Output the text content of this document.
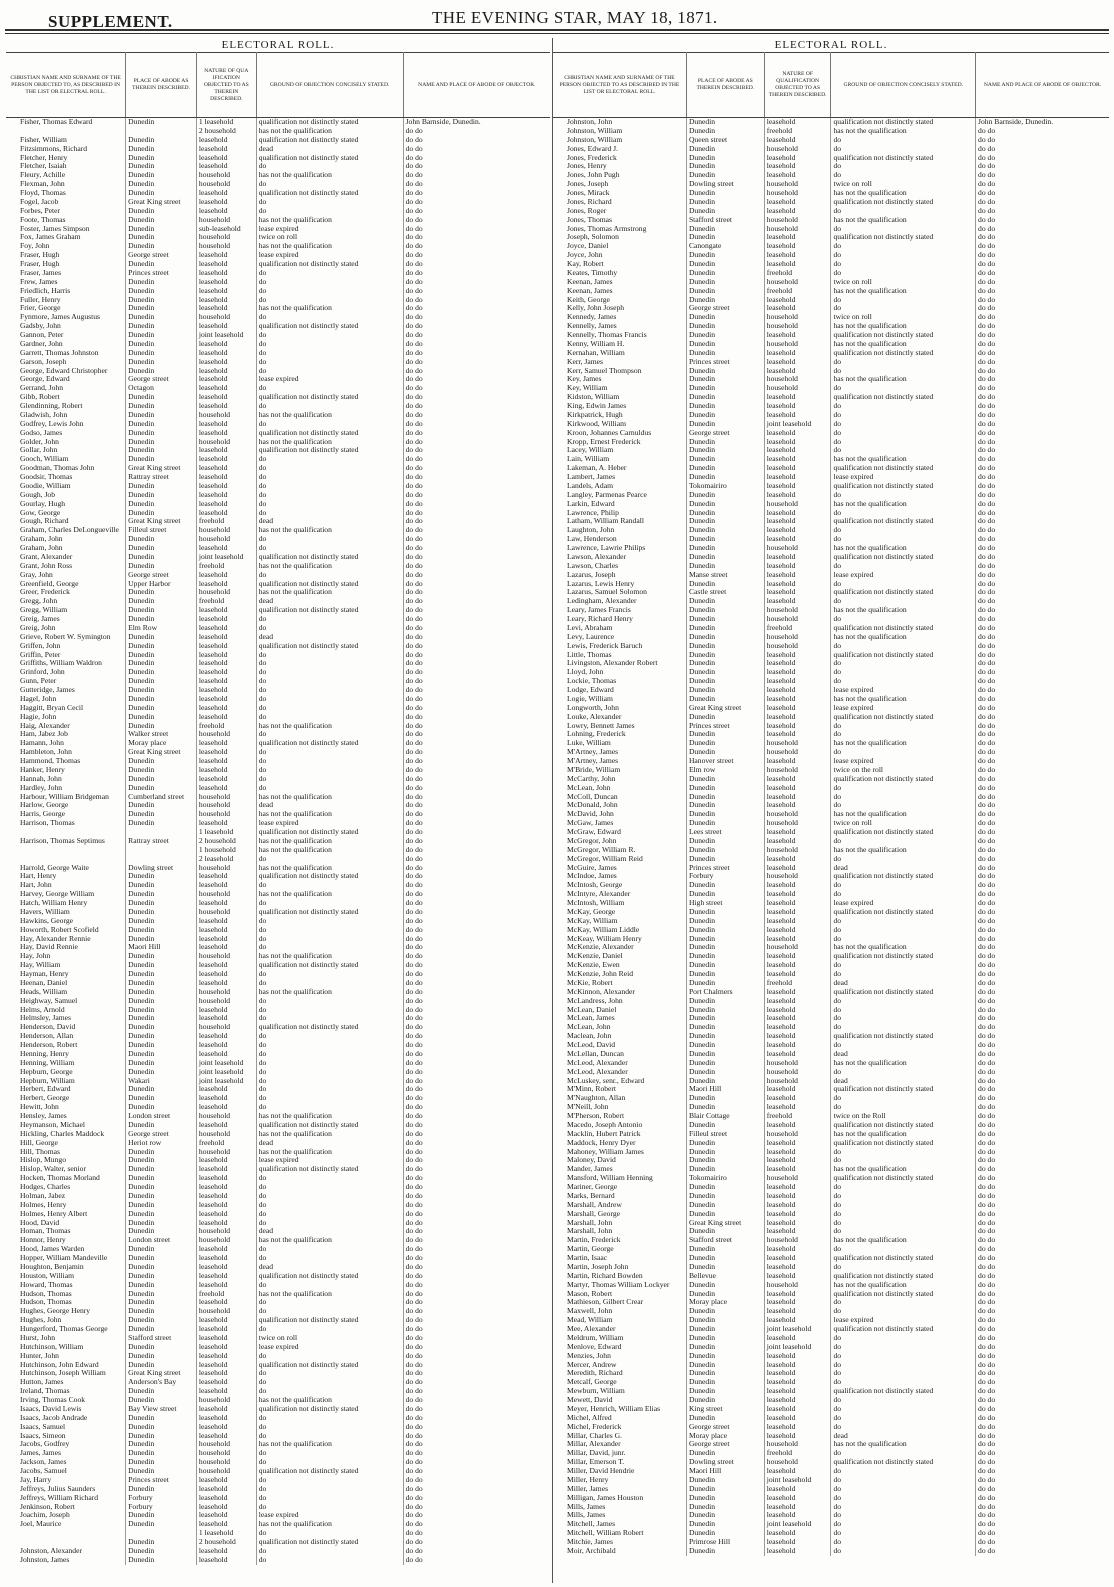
SUPPLEMENT.	THE EVENING STAR, MAY 18, 1871.
ELECTORAL ROLL.
CHRISTIAN NAME AND SURNAME OF THE PERSON OBJECTED TO, AS DESCRIBED IN THE LIST OR ELECTRAL ROLL.	PLACE OF ABODE AS THEREIN DESCRIBED.	NATURE OF QUA IFICATION OBJECTED TO AS THEREIN DESCRIBED.	GROUND OF OBJECTION CONCISELY STATED.	NAME AND PLACE OF ABODE OF OBJECTOR.
Fisher, Thomas Edward	Dunedin	1 leasehold	qualification not distinctly stated	John Barnside, Dunedin.
		2 household	has not the qualification	do do
Fisher, William	Dunedin	leasehold	qualification not distinctly stated	do do
Fitzsimmons, Richard	Dunedin	leasehold	dead	do do
Fletcher, Henry	Dunedin	leasehold	qualification not distinctly stated	do do
Fletcher, Isaiah	Dunedin	leasehold	do	do do
Fleury, Achille	Dunedin	household	has not the qualification	do do
Flexman, John	Dunedin	household	do	do do
Floyd, Thomas	Dunedin	leasehold	qualification not distinctly stated	do do
Fogel, Jacob	Great King street	leasehold	do	do do
Forbes, Peter	Dunedin	leasehold	do	do do
Foote, Thomas	Dunedin	household	has not the qualification	do do
Foster, James Simpson	Dunedin	sub-leasehold	lease expired	do do
Fox, James Graham	Dunedin	household	twice on roll	do do
Foy, John	Dunedin	household	has not the qualification	do do
Fraser, Hugh	George street	leasehold	lease expired	do do
Fraser, Hugh	Dunedin	leasehold	qualification not distinctly stated	do do
Fraser, James	Princes street	leasehold	do	do do
Frew, James	Dunedin	leasehold	do	do do
Friedlich, Harris	Dunedin	leasehold	do	do do
Fuller, Henry	Dunedin	leasehold	do	do do
Frier, George	Dunedin	leasehold	has not the qualification	do do
Fynmore, James Augustus	Dunedin	household	do	do do
Gadsby, John	Dunedin	leasehold	qualification not distinctly stated	do do
Gannon, Peter	Dunedin	joint leasehold	do	do do
Gardner, John	Dunedin	leasehold	do	do do
Garrett, Thomas Johnston	Dunedin	leasehold	do	do do
Garson, Joseph	Dunedin	leasehold	do	do do
George, Edward Christopher	Dunedin	leasehold	do	do do
George, Edward	George street	leasehold	lease expired	do do
Gerrand, John	Octagon	leasehold	do	do do
Gibb, Robert	Dunedin	leasehold	qualification not distinctly stated	do do
Glendinning, Robert	Dunedin	leasehold	do	do do
Gladwish, John	Dunedin	household	has not the qualification	do do
Godfrey, Lewis John	Dunedin	leasehold	do	do do
Godso, James	Dunedin	leasehold	qualification not distinctly stated	do do
Golder, John	Dunedin	household	has not the qualification	do do
Gollar, John	Dunedin	leasehold	qualification not distinctly stated	do do
Gooch, William	Dunedin	leasehold	do	do do
Goodman, Thomas John	Great King street	leasehold	do	do do
Goodsir, Thomas	Rattray street	leasehold	do	do do
Goodie, William	Dunedin	leasehold	do	do do
Gough, Job	Dunedin	leasehold	do	do do
Gourlay, Hugh	Dunedin	leasehold	do	do do
Gow, George	Dunedin	leasehold	do	do do
Gough, Richard	Great King street	freehold	dead	do do
Graham, Charles DeLongueville	Filleul street	household	has not the qualification	do do
Graham, John	Dunedin	household	do	do do
Graham, John	Dunedin	leasehold	do	do do
Grant, Alexander	Dunedin	joint leasehold	qualification not distinctly stated	do do
Grant, John Ross	Dunedin	freehold	has not the qualification	do do
Gray, John	George street	leasehold	do	do do
Greenfield, George	Upper Harbor	leasehold	qualification not distinctly stated	do do
Greer, Frederick	Dunedin	household	has not the qualification	do do
Gregg, John	Dunedin	freehold	dead	do do
Gregg, William	Dunedin	leasehold	qualification not distinctly stated	do do
Greig, James	Dunedin	leasehold	do	do do
Greig, John	Elm Row	leasehold	do	do do
Grieve, Robert W. Symington	Dunedin	leasehold	dead	do do
Griffen, John	Dunedin	leasehold	qualification not distinctly stated	do do
Griffin, Peter	Dunedin	leasehold	do	do do
Griffiths, William Waldron	Dunedin	leasehold	do	do do
Grinford, John	Dunedin	leasehold	do	do do
Gunn, Peter	Dunedin	leasehold	do	do do
Gutteridge, James	Dunedin	leasehold	do	do do
Hagel, John	Dunedin	leasehold	do	do do
Haggitt, Bryan Cecil	Dunedin	leasehold	do	do do
Hagie, John	Dunedin	leasehold	do	do do
Haig, Alexander	Dunedin	freehold	has not the qualification	do do
Ham, Jabez Job	Walker street	household	do	do do
Hamann, John	Moray place	leasehold	qualification not distinctly stated	do do
Hambleton, John	Great King street	leasehold	do	do do
Hammond, Thomas	Dunedin	leasehold	do	do do
Hanker, Henry	Dunedin	leasehold	do	do do
Hannah, John	Dunedin	leasehold	do	do do
Hardley, John	Dunedin	leasehold	do	do do
Harbour, William Bridgeman	Cumberland street	household	has not the qualification	do do
Harlow, George	Dunedin	household	dead	do do
Harris, George	Dunedin	household	has not the qualification	do do
Harrison, Thomas	Dunedin	leasehold	lease expired	do do
		1 leasehold	qualification not distinctly stated	do do
Harrison, Thomas Septimus	Rattray street	2 household	has not the qualification	do do
		1 household	has not the qualification	do do
		2 leasehold	do	do do
Harrold, George Waite	Dowling street	household	has not the qualification	do do
Hart, Henry	Dunedin	leasehold	qualification not distinctly stated	do do
Hart, John	Dunedin	leasehold	do	do do
Harvey, George William	Dunedin	household	has not the qualification	do do
Hatch, William Henry	Dunedin	leasehold	do	do do
Havers, William	Dunedin	household	qualification not distinctly stated	do do
Hawkins, George	Dunedin	leasehold	do	do do
Howorth, Robert Scofield	Dunedin	leasehold	do	do do
Hay, Alexander Rennie	Dunedin	leasehold	do	do do
Hay, David Rennie	Maori Hill	leasehold	do	do do
Hay, John	Dunedin	household	has not the qualification	do do
Hay, William	Dunedin	leasehold	qualification not distinctly stated	do do
Hayman, Henry	Dunedin	leasehold	do	do do
Heenan, Daniel	Dunedin	leasehold	do	do do
Heads, William	Dunedin	household	has not the qualification	do do
Heighway, Samuel	Dunedin	household	do	do do
Helms, Arnold	Dunedin	leasehold	do	do do
Helmsley, James	Dunedin	leasehold	do	do do
Henderson, David	Dunedin	household	qualification not distinctly stated	do do
Henderson, Allan	Dunedin	leasehold	do	do do
Henderson, Robert	Dunedin	leasehold	do	do do
Henning, Henry	Dunedin	leasehold	do	do do
Henning, William	Dunedin	joint leasehold	do	do do
Hepburn, George	Dunedin	joint leasehold	do	do do
Hepburn, William	Wakari	joint leasehold	do	do do
Herbert, Edward	Dunedin	leasehold	do	do do
Herbert, George	Dunedin	leasehold	do	do do
Hewitt, John	Dunedin	leasehold	do	do do
Hensley, James	London street	household	has not the qualification	do do
Heymanson, Michael	Dunedin	leasehold	qualification not distinctly stated	do do
Hickling, Charles Maddock	George street	household	has not the qualification	do do
Hill, George	Heriot row	freehold	dead	do do
Hill, Thomas	Dunedin	household	has not the qualification	do do
Hislop, Mungo	Dunedin	leasehold	lease expired	do do
Hislop, Walter, senior	Dunedin	leasehold	qualification not distinctly stated	do do
Hocken, Thomas Morland	Dunedin	leasehold	do	do do
Hodges, Charles	Dunedin	leasehold	do	do do
Holman, Jabez	Dunedin	leasehold	do	do do
Holmes, Henry	Dunedin	leasehold	do	do do
Holmes, Henry Albert	Dunedin	leasehold	do	do do
Hood, David	Dunedin	leasehold	do	do do
Homan, Thomas	Dunedin	household	dead	do do
Honnor, Henry	London street	household	has not the qualification	do do
Hood, James Warden	Dunedin	leasehold	do	do do
Hopper, William Mandeville	Dunedin	leasehold	do	do do
Houghton, Benjamin	Dunedin	leasehold	dead	do do
Houston, William	Dunedin	leasehold	qualification not distinctly stated	do do
Howard, Thomas	Dunedin	leasehold	do	do do
Hudson, Thomas	Dunedin	freehold	has not the qualification	do do
Hudson, Thomas	Dunedin	leasehold	do	do do
Hughes, George Henry	Dunedin	household	do	do do
Hughes, John	Dunedin	leasehold	qualification not distinctly stated	do do
Hungerford, Thomas George	Dunedin	leasehold	do	do do
Hurst, John	Stafford street	leasehold	twice on roll	do do
Hutchinson, William	Dunedin	leasehold	lease expired	do do
Hunter, John	Dunedin	leasehold	do	do do
Hutchinson, John Edward	Dunedin	leasehold	qualification not distinctly stated	do do
Hutchinson, Joseph William	Great King street	leasehold	do	do do
Hutton, James	Anderson's Bay	leasehold	do	do do
Ireland, Thomas	Dunedin	leasehold	do	do do
Irving, Thomas Cook	Dunedin	household	has not the qualification	do do
Isaacs, David Lewis	Bay View street	leasehold	qualification not distinctly stated	do do
Isaacs, Jacob Andrade	Dunedin	leasehold	do	do do
Isaacs, Samuel	Dunedin	leasehold	do	do do
Isaacs, Simeon	Dunedin	leasehold	do	do do
Jacobs, Godfrey	Dunedin	household	has not the qualification	do do
James, James	Dunedin	household	do	do do
Jackson, James	Dunedin	household	do	do do
Jacobs, Samuel	Dunedin	household	qualification not distinctly stated	do do
Jay, Harry	Princes street	leasehold	do	do do
Jeffreys, Julius Saunders	Dunedin	leasehold	do	do do
Jeffreys, William Richard	Forbury	leasehold	do	do do
Jenkinson, Robert	Forbury	leasehold	do	do do
Joachim, Joseph	Dunedin	leasehold	lease expired	do do
Joel, Maurice	Dunedin	leasehold	has not the qualification	do do
		1 leasehold	do	do do
	Dunedin	2 household	qualification not distinctly stated	do do
Johnston, Alexander	Dunedin	leasehold	do	do do
Johnston, James	Dunedin	leasehold	do	do do
ELECTORAL ROLL.
CHRISTIAN NAME AND SURNAME OF THE PERSON OBJECTED TO AS DESCRIBED IN THE LIST OR ELECTORAL ROLL.	PLACE OF ABODE AS THEREIN DESCRIBED.	NATURE OF QUALIFICATION OBJECTED TO AS THEREIN DESCRIBED.	GROUND OF OBJECTION CONCISELY STATED.	NAME AND PLACE OF ABODE OF OBJECTOR.
Johnston, John	Dunedin	leasehold	qualification not distinctly stated	John Barnside, Dunedin.
Johnston, William	Dunedin	freehold	has not the qualification	do do
Johnston, William	Queen street	leasehold	do	do do
Jones, Edward J.	Dunedin	household	do	do do
Jones, Frederick	Dunedin	leasehold	qualification not distinctly stated	do do
Jones, Henry	Dunedin	leasehold	do	do do
Jones, John Pugh	Dunedin	leasehold	do	do do
Jones, Joseph	Dowling street	household	twice on roll	do do
Jones, Mirack	Dunedin	household	has not the qualification	do do
Jones, Richard	Dunedin	leasehold	qualification not distinctly stated	do do
Jones, Roger	Dunedin	leasehold	do	do do
Jones, Thomas	Stafford street	household	has not the qualification	do do
Jones, Thomas Armstrong	Dunedin	household	do	do do
Joseph, Solomon	Dunedin	leasehold	qualification not distinctly stated	do do
Joyce, Daniel	Canongate	leasehold	do	do do
Joyce, John	Dunedin	leasehold	do	do do
Kay, Robert	Dunedin	leasehold	do	do do
Keates, Timothy	Dunedin	freehold	do	do do
Keenan, James	Dunedin	household	twice on roll	do do
Keenan, James	Dunedin	freehold	has not the qualification	do do
Keith, George	Dunedin	leasehold	do	do do
Kelly, John Joseph	George street	leasehold	do	do do
Kennedy, James	Dunedin	household	twice on roll	do do
Kennelly, James	Dunedin	household	has not the qualification	do do
Kennelly, Thomas Francis	Dunedin	leasehold	qualification not distinctly stated	do do
Kenny, William H.	Dunedin	household	has not the qualification	do do
Kernahan, William	Dunedin	leasehold	qualification not distinctly stated	do do
Kerr, James	Princes street	leasehold	do	do do
Kerr, Samuel Thompson	Dunedin	leasehold	do	do do
Key, James	Dunedin	household	has not the qualification	do do
Key, William	Dunedin	household	do	do do
Kidston, William	Dunedin	leasehold	qualification not distinctly stated	do do
King, Edwin James	Dunedin	leasehold	do	do do
Kirkpatrick, Hugh	Dunedin	leasehold	do	do do
Kirkwood, William	Dunedin	joint leasehold	do	do do
Kroon, Johannes Carnuldus	George street	leasehold	do	do do
Kropp, Ernest Frederick	Dunedin	leasehold	do	do do
Lacey, William	Dunedin	leasehold	do	do do
Lain, William	Dunedin	leasehold	has not the qualification	do do
Lakeman, A. Heber	Dunedin	leasehold	qualification not distinctly stated	do do
Lambert, James	Dunedin	leasehold	lease expired	do do
Landels, Adam	Tokomairiro	leasehold	qualification not distinctly stated	do do
Langley, Parmenas Pearce	Dunedin	leasehold	do	do do
Larkin, Edward	Dunedin	household	has not the qualification	do do
Lawrence, Philip	Dunedin	leasehold	do	do do
Latham, William Randall	Dunedin	leasehold	qualification not distinctly stated	do do
Laughton, John	Dunedin	leasehold	do	do do
Law, Henderson	Dunedin	leasehold	do	do do
Lawrence, Lawrie Philips	Dunedin	household	has not the qualification	do do
Lawson, Alexander	Dunedin	leasehold	qualification not distinctly stated	do do
Lawson, Charles	Dunedin	leasehold	do	do do
Lazarus, Joseph	Manse street	leasehold	lease expired	do do
Lazarus, Lewis Henry	Dunedin	leasehold	do	do do
Lazarus, Samuel Solomon	Castle street	leasehold	qualification not distinctly stated	do do
Ledingham, Alexander	Dunedin	leasehold	do	do do
Leary, James Francis	Dunedin	household	has not the qualification	do do
Leary, Richard Henry	Dunedin	household	do	do do
Levi, Abraham	Dunedin	freehold	qualification not distinctly stated	do do
Levy, Laurence	Dunedin	household	has not the qualification	do do
Lewis, Frederick Baruch	Dunedin	household	do	do do
Little, Thomas	Dunedin	leasehold	qualification not distinctly stated	do do
Livingston, Alexander Robert	Dunedin	leasehold	do	do do
Lloyd, John	Dunedin	leasehold	do	do do
Lockie, Thomas	Dunedin	leasehold	do	do do
Lodge, Edward	Dunedin	leasehold	lease expired	do do
Logie, William	Dunedin	leasehold	has not the qualification	do do
Longworth, John	Great King street	leasehold	lease expired	do do
Louke, Alexander	Dunedin	leasehold	qualification not distinctly stated	do do
Lowry, Bennett James	Princes street	leasehold	do	do do
Lohning, Frederick	Dunedin	leasehold	do	do do
Luke, William	Dunedin	household	has not the qualification	do do
M'Artney, James	Dunedin	household	do	do do
M'Artney, James	Hanover street	leasehold	lease expired	do do
M'Bride, William	Elm row	household	twice on the roll	do do
McCarthy, John	Dunedin	leasehold	qualification not distinctly stated	do do
McLean, John	Dunedin	leasehold	do	do do
McColl, Duncan	Dunedin	leasehold	do	do do
McDonald, John	Dunedin	leasehold	do	do do
McDavid, John	Dunedin	household	has not the qualification	do do
McGaw, James	Dunedin	household	twice on roll	do do
McGraw, Edward	Lees street	leasehold	qualification not distinctly stated	do do
McGregor, John	Dunedin	leasehold	do	do do
McGregor, William R.	Dunedin	household	has not the qualification	do do
McGregor, William Reid	Dunedin	leasehold	do	do do
McGuire, James	Princes street	leasehold	dead	do do
McIndoe, James	Forbury	household	qualification not distinctly stated	do do
McIntosh, George	Dunedin	leasehold	do	do do
McIntyre, Alexander	Dunedin	leasehold	do	do do
McIntosh, William	High street	leasehold	lease expired	do do
McKay, George	Dunedin	leasehold	qualification not distinctly stated	do do
McKay, William	Dunedin	leasehold	do	do do
McKay, William Liddle	Dunedin	leasehold	do	do do
McKeay, William Henry	Dunedin	leasehold	do	do do
McKenzie, Alexander	Dunedin	household	has not the qualification	do do
McKenzie, Daniel	Dunedin	leasehold	qualification not distinctly stated	do do
McKenzie, Ewen	Dunedin	leasehold	do	do do
McKenzie, John Reid	Dunedin	leasehold	do	do do
McKie, Robert	Dunedin	freehold	dead	do do
McKinnon, Alexander	Port Chalmers	leasehold	qualification not distinctly stated	do do
McLandress, John	Dunedin	leasehold	do	do do
McLean, Daniel	Dunedin	leasehold	do	do do
McLean, James	Dunedin	leasehold	do	do do
McLean, John	Dunedin	leasehold	do	do do
Maclean, John	Dunedin	leasehold	qualification not distinctly stated	do do
McLeod, David	Dunedin	leasehold	do	do do
McLellan, Duncan	Dunedin	leasehold	dead	do do
McLeod, Alexander	Dunedin	household	has not the qualification	do do
McLeod, Alexander	Dunedin	household	do	do do
McLuskey, senr., Edward	Dunedin	household	dead	do do
M'Minn, Robert	Maori Hill	leasehold	qualification not distinctly stated	do do
M'Naughton, Allan	Dunedin	leasehold	do	do do
M'Neill, John	Dunedin	leasehold	do	do do
M'Pherson, Robert	Blair Cottage	freehold	twice on the Roll	do do
Macedo, Joseph Antonio	Dunedin	leasehold	qualification not distinctly stated	do do
Macklin, Hubert Patrick	Filleul street	household	has not the qualification	do do
Maddock, Henry Dyer	Dunedin	leasehold	qualification not distinctly stated	do do
Mahoney, William James	Dunedin	leasehold	do	do do
Maloney, David	Dunedin	leasehold	do	do do
Mander, James	Dunedin	leasehold	has not the qualification	do do
Mansford, William Henning	Tokomairiro	household	qualification not distinctly stated	do do
Mariner, George	Dunedin	leasehold	do	do do
Marks, Bernard	Dunedin	leasehold	do	do do
Marshall, Andrew	Dunedin	leasehold	do	do do
Marshall, George	Dunedin	leasehold	do	do do
Marshall, John	Great King street	leasehold	do	do do
Marshall, John	Dunedin	leasehold	do	do do
Martin, Frederick	Stafford street	household	has not the qualification	do do
Martin, George	Dunedin	leasehold	do	do do
Martin, Isaac	Dunedin	leasehold	qualification not distinctly stated	do do
Martin, Joseph John	Dunedin	leasehold	do	do do
Martin, Richard Bowden	Bellevue	leasehold	qualification not distinctly stated	do do
Martyr, Thomas William Lockyer	Dunedin	household	has not the qualification	do do
Mason, Robert	Dunedin	leasehold	qualification not distinctly stated	do do
Mathieson, Gilbert Crear	Moray place	leasehold	do	do do
Maxwell, John	Dunedin	leasehold	do	do do
Mead, William	Dunedin	leasehold	lease expired	do do
Mee, Alexander	Dunedin	joint leasehold	qualification not distinctly stated	do do
Meldrum, William	Dunedin	leasehold	do	do do
Menlove, Edward	Dunedin	joint leasehold	do	do do
Menzies, John	Dunedin	leasehold	do	do do
Mercer, Andrew	Dunedin	leasehold	do	do do
Meredith, Richard	Dunedin	leasehold	do	do do
Metcalf, George	Dunedin	leasehold	do	do do
Mewburn, William	Dunedin	leasehold	qualification not distinctly stated	do do
Mewett, David	Dunedin	leasehold	do	do do
Meyer, Henrich, William Elias	King street	leasehold	do	do do
Michel, Alfred	Dunedin	leasehold	do	do do
Michel, Frederick	George street	leasehold	do	do do
Millar, Charles G.	Moray place	leasehold	dead	do do
Millar, Alexander	George street	household	has not the qualification	do do
Millar, David, junr.	Dunedin	freehold	do	do do
Millar, Emerson T.	Dowling street	household	qualification not distinctly stated	do do
Miller, David Hendrie	Maori Hill	leasehold	do	do do
Miller, Henry	Dunedin	joint leasehold	do	do do
Miller, James	Dunedin	leasehold	do	do do
Milligan, James Houston	Dunedin	leasehold	do	do do
Mills, James	Dunedin	leasehold	do	do do
Mills, James	Dunedin	leasehold	do	do do
Mitchell, James	Dunedin	joint leasehold	do	do do
Mitchell, William Robert	Dunedin	leasehold	do	do do
Mitchie, James	Primrose Hill	leasehold	do	do do
Moir, Archibald	Dunedin	leasehold	do	do do
